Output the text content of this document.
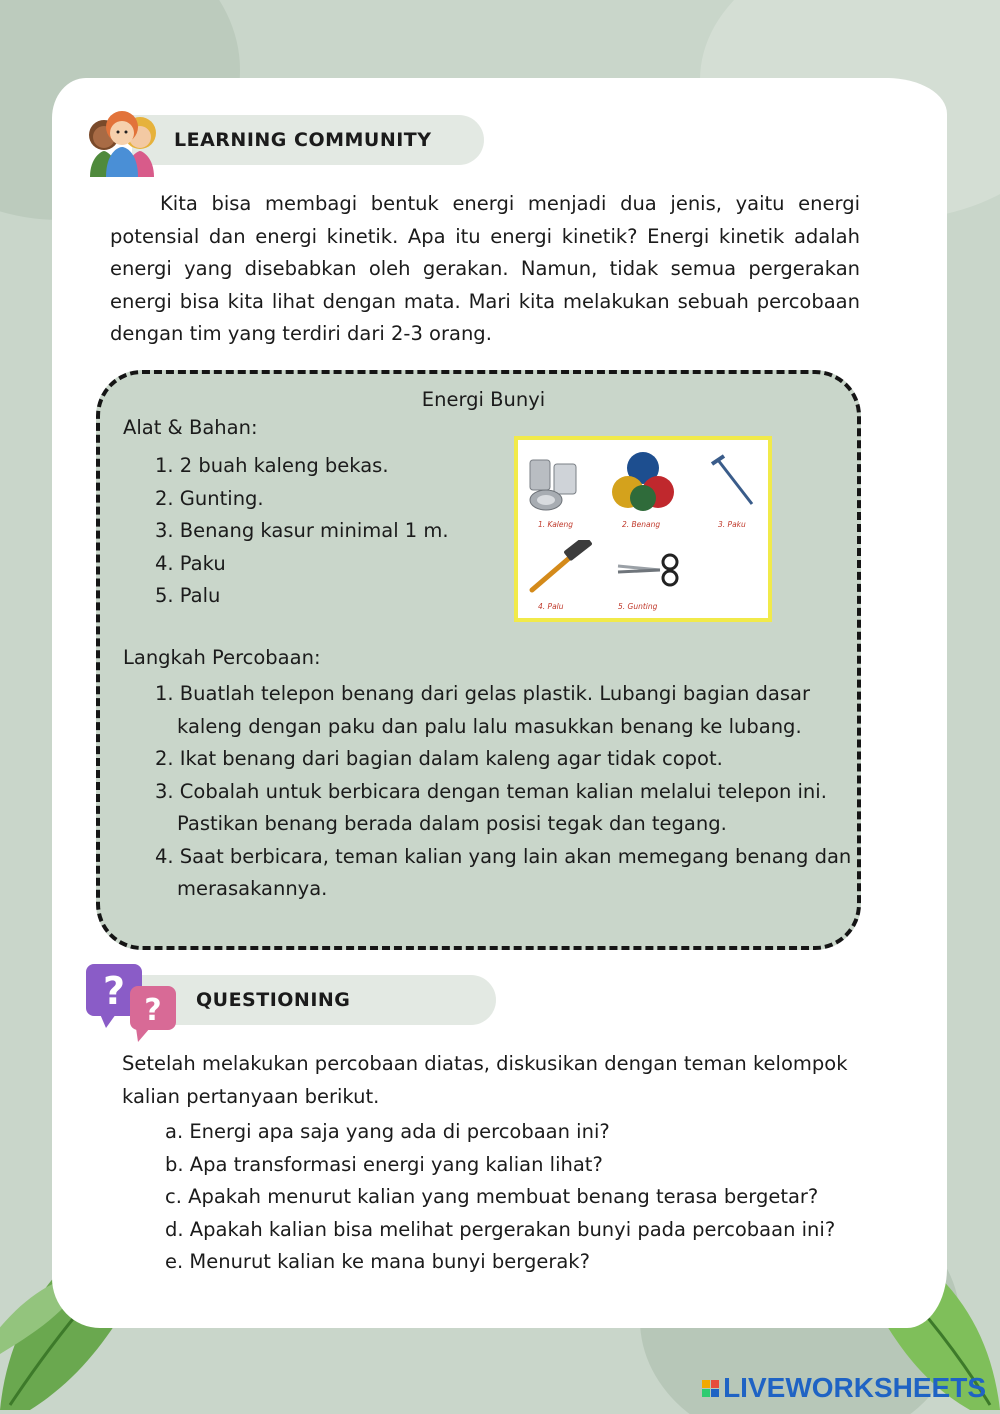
LEARNING COMMUNITY

Kita bisa membagi bentuk energi menjadi dua jenis, yaitu energi potensial dan energi kinetik. Apa itu energi kinetik? Energi kinetik adalah energi yang disebabkan oleh gerakan. Namun, tidak semua pergerakan energi bisa kita lihat dengan mata. Mari kita melakukan sebuah percobaan dengan tim yang terdiri dari 2-3 orang.

Energi Bunyi
Alat & Bahan:
1. 2 buah kaleng bekas.
2. Gunting.
3. Benang kasur minimal 1 m.
4. Paku
5. Palu
1. Kaleng	2. Benang	3. Paku
4. Palu	5. Gunting
Langkah Percobaan:
1. Buatlah telepon benang dari gelas plastik. Lubangi bagian dasar kaleng dengan paku dan palu lalu masukkan benang ke lubang.
2. Ikat benang dari bagian dalam kaleng agar tidak copot.
3. Cobalah untuk berbicara dengan teman kalian melalui telepon ini. Pastikan benang berada dalam posisi tegak dan tegang.
4. Saat berbicara, teman kalian yang lain akan memegang benang dan merasakannya.
? ?	QUESTIONING
Setelah melakukan percobaan diatas, diskusikan dengan teman kelompok kalian pertanyaan berikut.
a. Energi apa saja yang ada di percobaan ini?
b. Apa transformasi energi yang kalian lihat?
c. Apakah menurut kalian yang membuat benang terasa bergetar?
d. Apakah kalian bisa melihat pergerakan bunyi pada percobaan ini?
e. Menurut kalian ke mana bunyi bergerak?
LIVEWORKSHEETS
